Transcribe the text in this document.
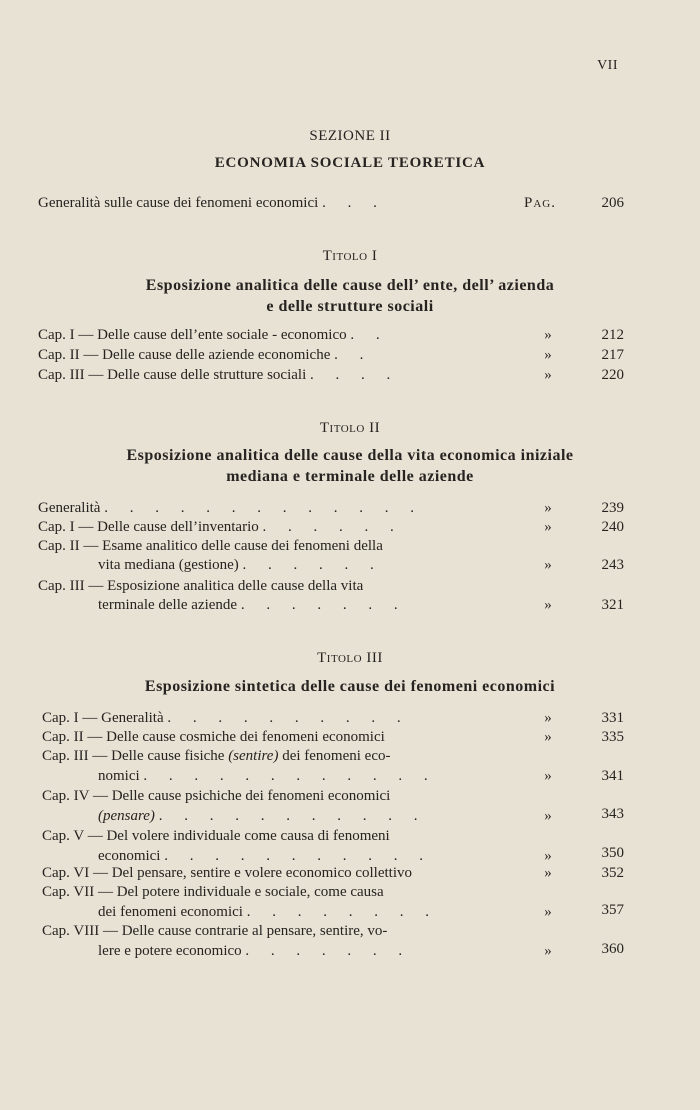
VII
SEZIONE II
ECONOMIA SOCIALE TEORETICA
Generalità sulle cause dei fenomeni economici . . .	Pag.	206
Titolo I
Esposizione analitica delle cause dell’ ente, dell’ azienda
e delle strutture sociali
Cap. I — Delle cause dell’ente sociale - economico . .	»	212
Cap. II — Delle cause delle aziende economiche . .	»	217
Cap. III — Delle cause delle strutture sociali . . . .	»	220
Titolo II
Esposizione analitica delle cause della vita economica iniziale
mediana e terminale delle aziende
Generalità . . . . . . . . . . . . .	»	239
Cap. I — Delle cause dell’inventario . . . . . .	»	240
Cap. II — Esame analitico delle cause dei fenomeni della
vita mediana (gestione) . . . . . .	»	243
Cap. III — Esposizione analitica delle cause della vita
terminale delle aziende . . . . . . .	»	321
Titolo III
Esposizione sintetica delle cause dei fenomeni economici
Cap. I — Generalità . . . . . . . . . .	»	331
Cap. II — Delle cause cosmiche dei fenomeni economici	»	335
Cap. III — Delle cause fisiche (sentire) dei fenomeni eco-
nomici . . . . . . . . . . . .	»	341
Cap. IV — Delle cause psichiche dei fenomeni economici
(pensare) . . . . . . . . . . .	»	343
Cap. V — Del volere individuale come causa di fenomeni
economici . . . . . . . . . . .	»	350
Cap. VI — Del pensare, sentire e volere economico collettivo	»	352
Cap. VII — Del potere individuale e sociale, come causa
dei fenomeni economici . . . . . . . .	»	357
Cap. VIII — Delle cause contrarie al pensare, sentire, vo-
lere e potere economico . . . . . . .	»	360
